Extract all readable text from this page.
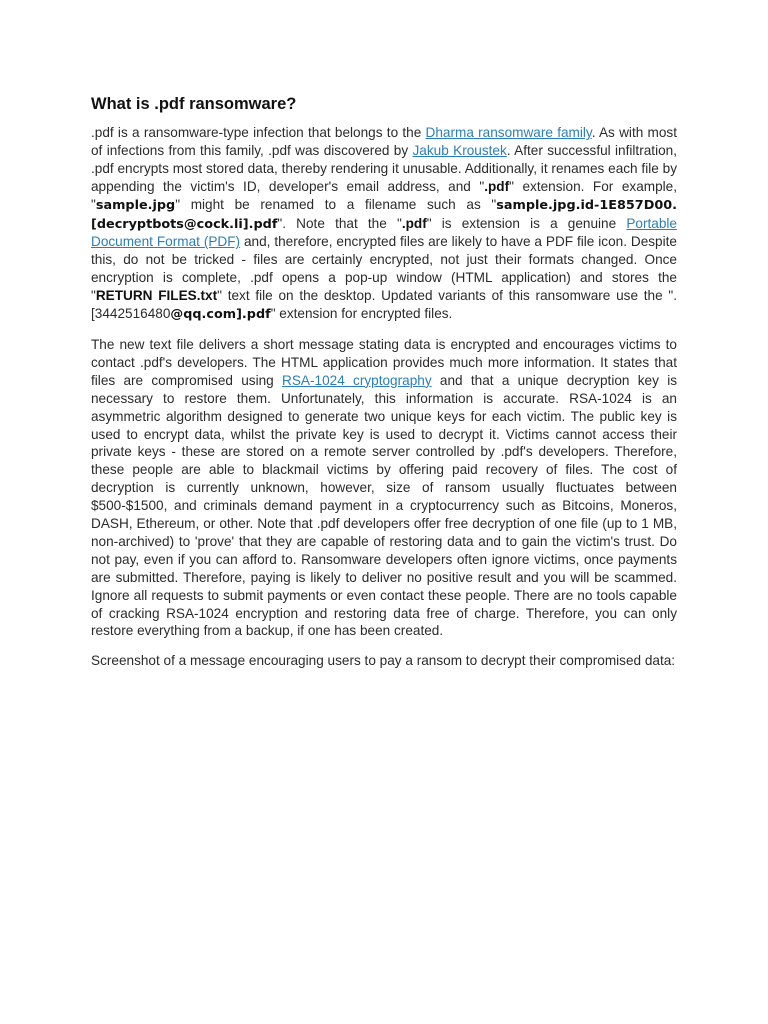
What is .pdf ransomware?

.pdf is a ransomware-type infection that belongs to the Dharma ransomware family. As with most of infections from this family, .pdf was discovered by Jakub Kroustek. After successful infiltration, .pdf encrypts most stored data, thereby rendering it unusable. Additionally, it renames each file by appending the victim's ID, developer's email address, and ".pdf" extension. For example, "sample.jpg" might be renamed to a filename such as "sample.jpg.id-1E857D00.[decryptbots@cock.li].pdf". Note that the ".pdf" is extension is a genuine Portable Document Format (PDF) and, therefore, encrypted files are likely to have a PDF file icon. Despite this, do not be tricked - files are certainly encrypted, not just their formats changed. Once encryption is complete, .pdf opens a pop-up window (HTML application) and stores the "RETURN FILES.txt" text file on the desktop. Updated variants of this ransomware use the ". [3442516480@qq.com].pdf" extension for encrypted files.

The new text file delivers a short message stating data is encrypted and encourages victims to contact .pdf's developers. The HTML application provides much more information. It states that files are compromised using RSA-1024 cryptography and that a unique decryption key is necessary to restore them. Unfortunately, this information is accurate. RSA-1024 is an asymmetric algorithm designed to generate two unique keys for each victim. The public key is used to encrypt data, whilst the private key is used to decrypt it. Victims cannot access their private keys - these are stored on a remote server controlled by .pdf's developers. Therefore, these people are able to blackmail victims by offering paid recovery of files. The cost of decryption is currently unknown, however, size of ransom usually fluctuates between $500-$1500, and criminals demand payment in a cryptocurrency such as Bitcoins, Moneros, DASH, Ethereum, or other. Note that .pdf developers offer free decryption of one file (up to 1 MB, non-archived) to 'prove' that they are capable of restoring data and to gain the victim's trust. Do not pay, even if you can afford to. Ransomware developers often ignore victims, once payments are submitted. Therefore, paying is likely to deliver no positive result and you will be scammed. Ignore all requests to submit payments or even contact these people. There are no tools capable of cracking RSA-1024 encryption and restoring data free of charge. Therefore, you can only restore everything from a backup, if one has been created.

Screenshot of a message encouraging users to pay a ransom to decrypt their compromised data:
